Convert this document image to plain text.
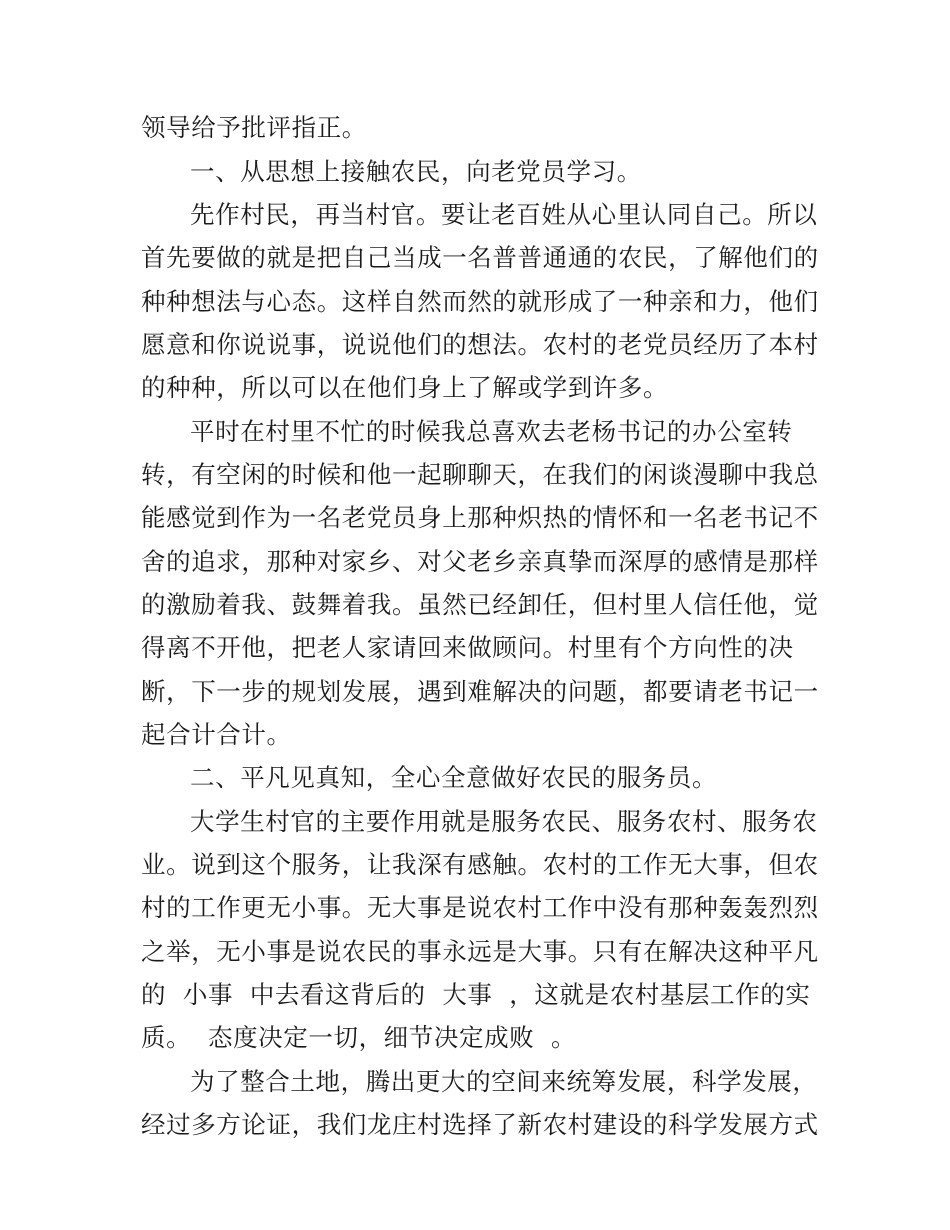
领导给予批评指正。
一、从思想上接触农民，向老党员学习。
先作村民，再当村官。要让老百姓从心里认同自己。所以
首先要做的就是把自己当成一名普普通通的农民，了解他们的
种种想法与心态。这样自然而然的就形成了一种亲和力，他们
愿意和你说说事，说说他们的想法。农村的老党员经历了本村
的种种，所以可以在他们身上了解或学到许多。
平时在村里不忙的时候我总喜欢去老杨书记的办公室转
转，有空闲的时候和他一起聊聊天，在我们的闲谈漫聊中我总
能感觉到作为一名老党员身上那种炽热的情怀和一名老书记不
舍的追求，那种对家乡、对父老乡亲真挚而深厚的感情是那样
的激励着我、鼓舞着我。虽然已经卸任，但村里人信任他，觉
得离不开他，把老人家请回来做顾问。村里有个方向性的决
断，下一步的规划发展，遇到难解决的问题，都要请老书记一
起合计合计。
二、平凡见真知，全心全意做好农民的服务员。
大学生村官的主要作用就是服务农民、服务农村、服务农
业。说到这个服务，让我深有感触。农村的工作无大事，但农
村的工作更无小事。无大事是说农村工作中没有那种轰轰烈烈
之举，无小事是说农民的事永远是大事。只有在解决这种平凡
的  小事  中去看这背后的  大事  ，这就是农村基层工作的实
质。  态度决定一切，细节决定成败  。
为了整合土地，腾出更大的空间来统筹发展，科学发展，
经过多方论证，我们龙庄村选择了新农村建设的科学发展方式
